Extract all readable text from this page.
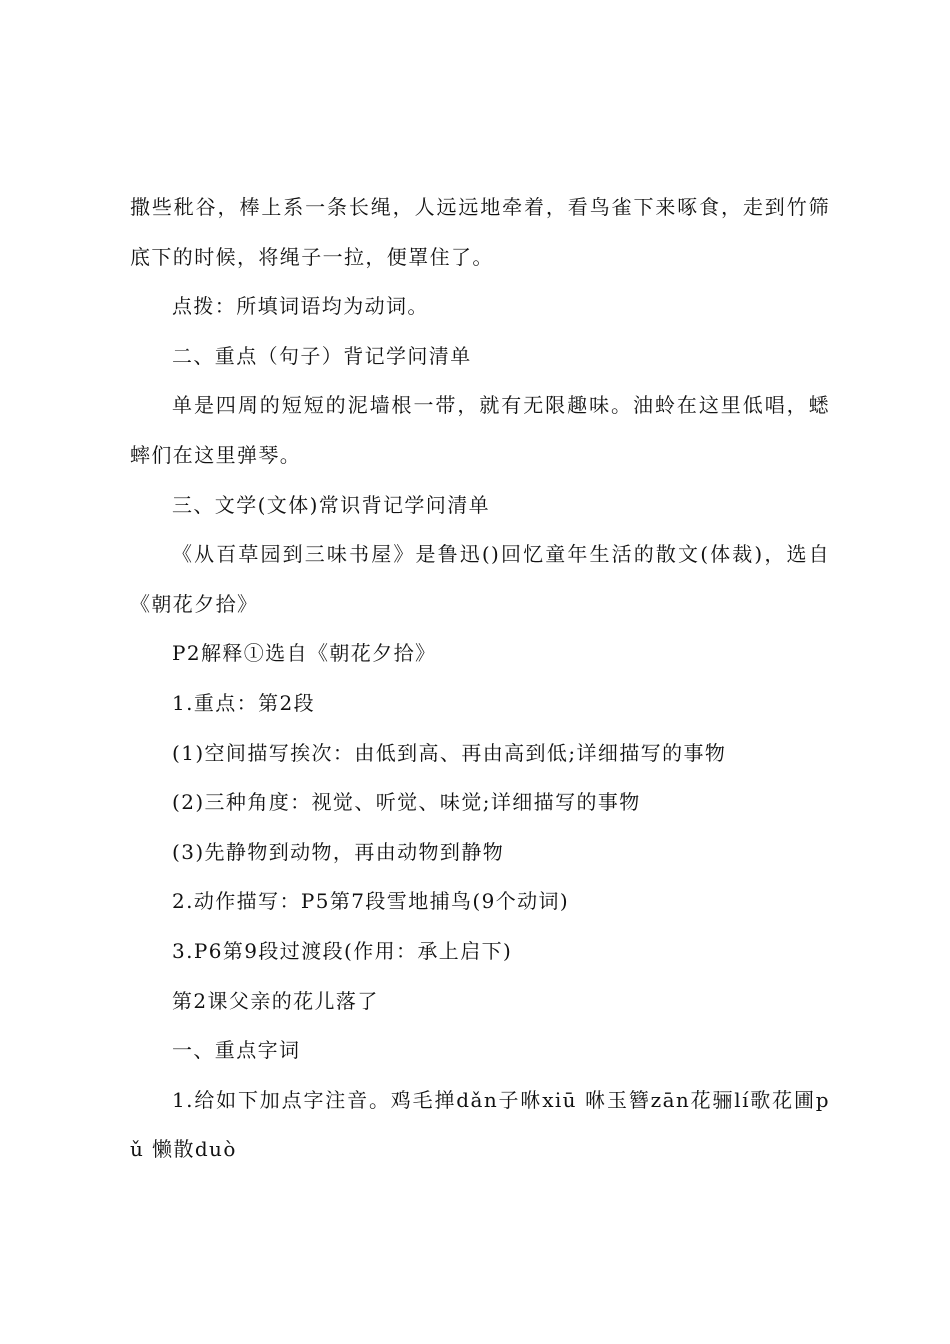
撒些秕谷，棒上系一条长绳，人远远地牵着，看鸟雀下来啄食，走到竹筛底下的时候，将绳子一拉，便罩住了。

点拨：所填词语均为动词。

二、重点（句子）背记学问清单

单是四周的短短的泥墙根一带，就有无限趣味。油蛉在这里低唱，蟋蟀们在这里弹琴。

三、文学(文体)常识背记学问清单

《从百草园到三味书屋》是鲁迅()回忆童年生活的散文(体裁)，选自《朝花夕拾》

P2解释①选自《朝花夕拾》

1.重点：第2段

(1)空间描写挨次：由低到高、再由高到低;详细描写的事物

(2)三种角度：视觉、听觉、味觉;详细描写的事物

(3)先静物到动物，再由动物到静物

2.动作描写：P5第7段雪地捕鸟(9个动词)

3.P6第9段过渡段(作用：承上启下)

第2课父亲的花儿落了

一、重点字词

1.给如下加点字注音。鸡毛掸dǎn子咻xiū 咻玉簪zān花骊lí歌花圃pǔ 懒散duò
